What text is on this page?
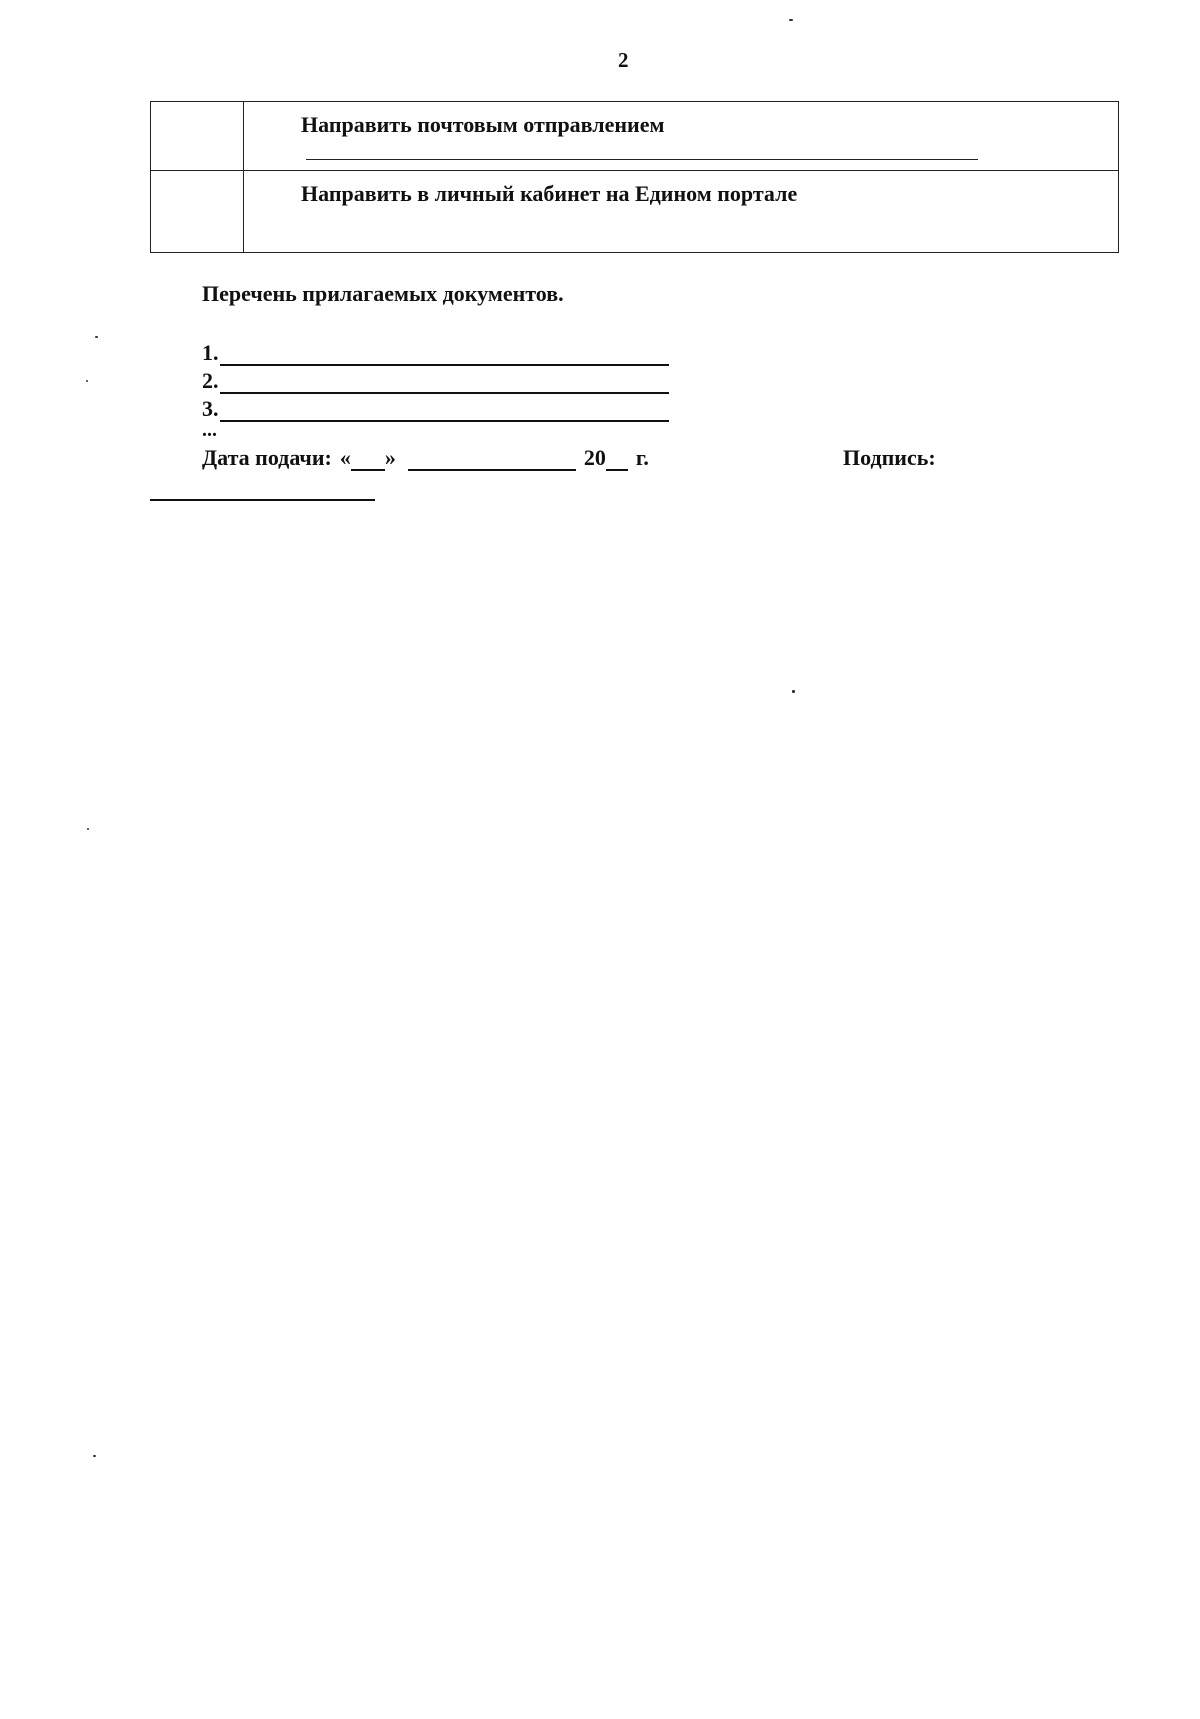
2

	Направить почтовым отправлением

	Направить в личный кабинет на Едином портале
Перечень прилагаемых документов.
1.
2.
3.
...
Дата подачи: « »	20 г.	Подпись:
